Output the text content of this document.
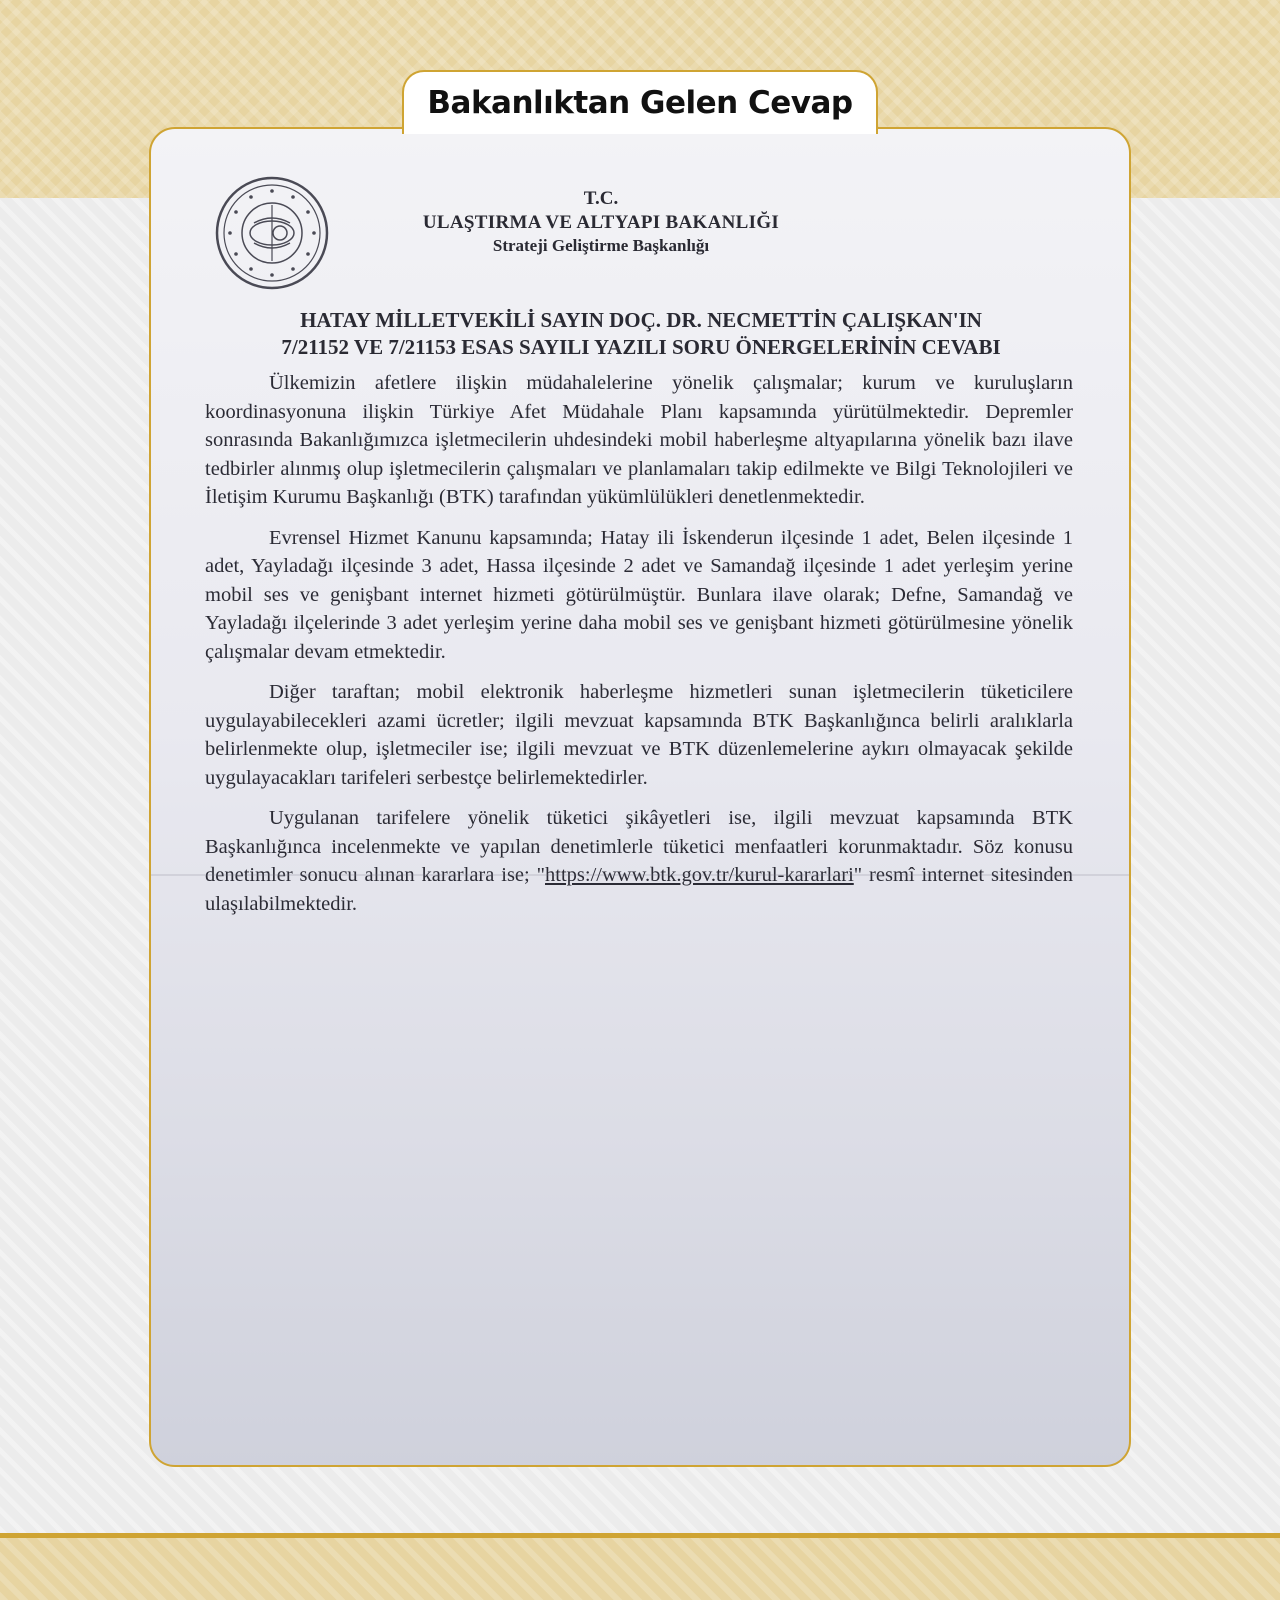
Bakanlıktan Gelen Cevap
T.C.
ULAŞTIRMA VE ALTYAPI BAKANLIĞI
Strateji Geliştirme Başkanlığı
HATAY MİLLETVEKİLİ SAYIN DOÇ. DR. NECMETTİN ÇALIŞKAN'IN
7/21152 VE 7/21153 ESAS SAYILI YAZILI SORU ÖNERGELERİNİN CEVABI

Ülkemizin afetlere ilişkin müdahalelerine yönelik çalışmalar; kurum ve kuruluşların koordinasyonuna ilişkin Türkiye Afet Müdahale Planı kapsamında yürütülmektedir. Depremler sonrasında Bakanlığımızca işletmecilerin uhdesindeki mobil haberleşme altyapılarına yönelik bazı ilave tedbirler alınmış olup işletmecilerin çalışmaları ve planlamaları takip edilmekte ve Bilgi Teknolojileri ve İletişim Kurumu Başkanlığı (BTK) tarafından yükümlülükleri denetlenmektedir.

Evrensel Hizmet Kanunu kapsamında; Hatay ili İskenderun ilçesinde 1 adet, Belen ilçesinde 1 adet, Yayladağı ilçesinde 3 adet, Hassa ilçesinde 2 adet ve Samandağ ilçesinde 1 adet yerleşim yerine mobil ses ve genişbant internet hizmeti götürülmüştür. Bunlara ilave olarak; Defne, Samandağ ve Yayladağı ilçelerinde 3 adet yerleşim yerine daha mobil ses ve genişbant hizmeti götürülmesine yönelik çalışmalar devam etmektedir.

Diğer taraftan; mobil elektronik haberleşme hizmetleri sunan işletmecilerin tüketicilere uygulayabilecekleri azami ücretler; ilgili mevzuat kapsamında BTK Başkanlığınca belirli aralıklarla belirlenmekte olup, işletmeciler ise; ilgili mevzuat ve BTK düzenlemelerine aykırı olmayacak şekilde uygulayacakları tarifeleri serbestçe belirlemektedirler.

Uygulanan tarifelere yönelik tüketici şikâyetleri ise, ilgili mevzuat kapsamında BTK Başkanlığınca incelenmekte ve yapılan denetimlerle tüketici menfaatleri korunmaktadır. Söz konusu denetimler sonucu alınan kararlara ise; "https://www.btk.gov.tr/kurul-kararlari" resmî internet sitesinden ulaşılabilmektedir.
